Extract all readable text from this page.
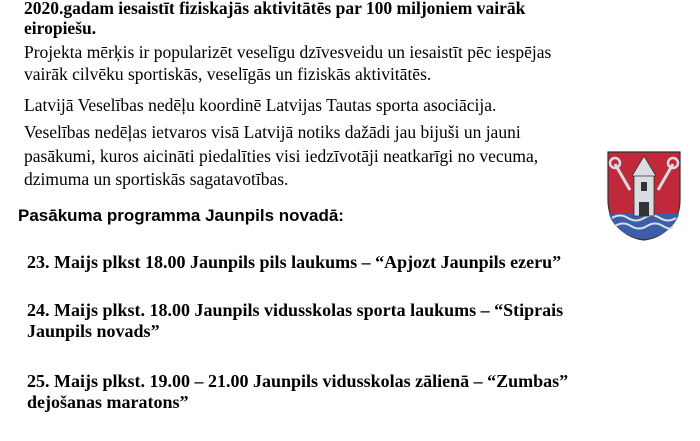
2020.gadam iesaistīt fiziskajās aktivitātēs par 100 miljoniem vairāk
eiropiešu.
Projekta mērķis ir popularizēt veselīgu dzīvesveidu un iesaistīt pēc iespējas
vairāk cilvēku sportiskās, veselīgās un fiziskās aktivitātēs.
Latvijā Veselības nedēļu koordinē Latvijas Tautas sporta asociācija.
Veselības nedēļas ietvaros visā Latvijā notiks dažādi jau bijuši un jauni
pasākumi, kuros aicināti piedalīties visi iedzīvotāji neatkarīgi no vecuma,
dzimuma un sportiskās sagatavotības.
Pasākuma programma Jaunpils novadā:
23. Maijs plkst 18.00 Jaunpils pils laukums – “Apjozt Jaunpils ezeru”
24. Maijs plkst. 18.00 Jaunpils vidusskolas sporta laukums – “Stiprais
Jaunpils novads”
25. Maijs plkst. 19.00 – 21.00 Jaunpils vidusskolas zālienā – “Zumbas”
dejošanas maratons”
